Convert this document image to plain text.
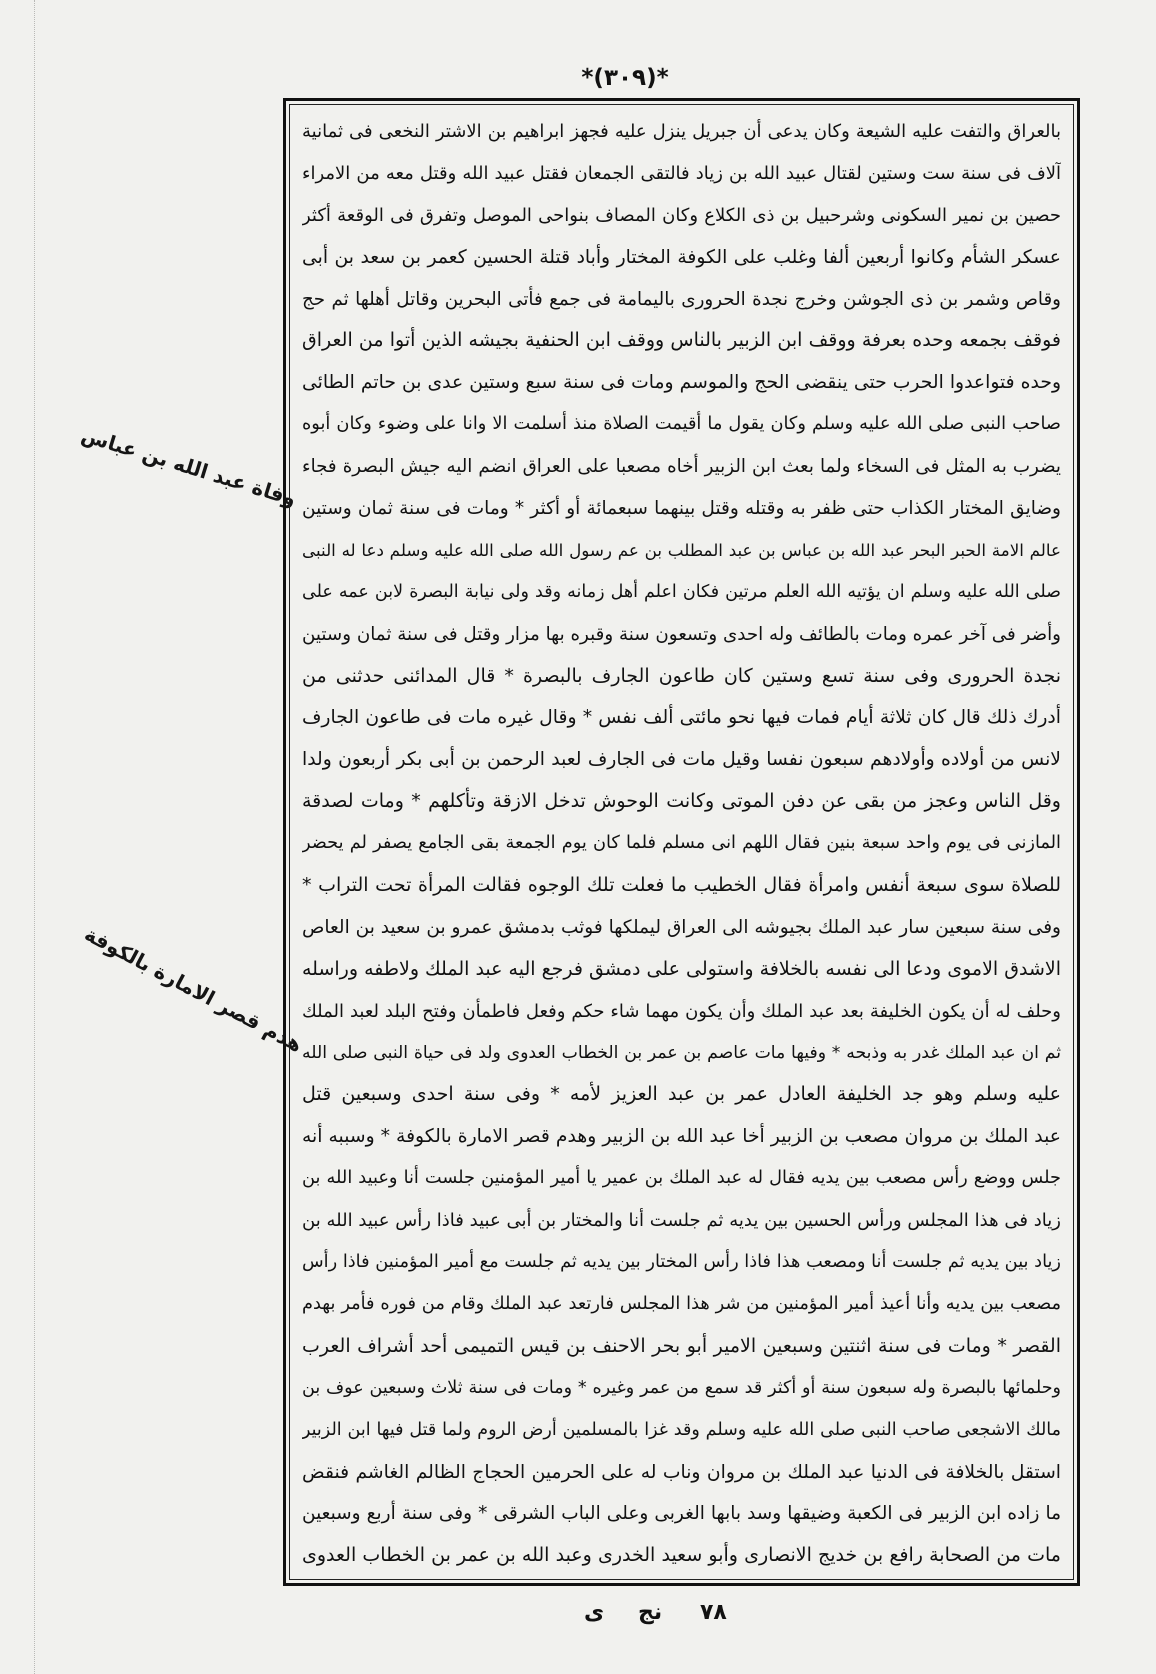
*(٣٠٩)*
وفاة عبد الله بن عباس
هدم قصر الامارة بالكوفة
بالعراق والتفت عليه الشيعة وكان يدعى أن جبريل ينزل عليه فجهز ابراهيم بن الاشتر النخعى فى ثمانية
آلاف فى سنة ست وستين لقتال عبيد الله بن زياد فالتقى الجمعان فقتل عبيد الله وقتل معه من الامراء
حصين بن نمير السكونى وشرحبيل بن ذى الكلاع وكان المصاف بنواحى الموصل وتفرق فى الوقعة أكثر
عسكر الشأم وكانوا أربعين ألفا وغلب على الكوفة المختار وأباد قتلة الحسين كعمر بن سعد بن أبى
وقاص وشمر بن ذى الجوشن وخرج نجدة الحرورى باليمامة فى جمع فأتى البحرين وقاتل أهلها ثم حج
فوقف بجمعه وحده بعرفة ووقف ابن الزبير بالناس ووقف ابن الحنفية بجيشه الذين أتوا من العراق
وحده فتواعدوا الحرب حتى ينقضى الحج والموسم ومات فى سنة سبع وستين عدى بن حاتم الطائى
صاحب النبى صلى الله عليه وسلم وكان يقول ما أقيمت الصلاة منذ أسلمت الا وانا على وضوء وكان أبوه
يضرب به المثل فى السخاء ولما بعث ابن الزبير أخاه مصعبا على العراق انضم اليه جيش البصرة فجاء
وضايق المختار الكذاب حتى ظفر به وقتله وقتل بينهما سبعمائة أو أكثر * ومات فى سنة ثمان وستين
عالم الامة الحبر البحر عبد الله بن عباس بن عبد المطلب بن عم رسول الله صلى الله عليه وسلم دعا له النبى
صلى الله عليه وسلم ان يؤتيه الله العلم مرتين فكان اعلم أهل زمانه وقد ولى نيابة البصرة لابن عمه على
وأضر فى آخر عمره ومات بالطائف وله احدى وتسعون سنة وقبره بها مزار وقتل فى سنة ثمان وستين
نجدة الحرورى وفى سنة تسع وستين كان طاعون الجارف بالبصرة * قال المدائنى حدثنى من
أدرك ذلك قال كان ثلاثة أيام فمات فيها نحو مائتى ألف نفس * وقال غيره مات فى طاعون الجارف
لانس من أولاده وأولادهم سبعون نفسا وقيل مات فى الجارف لعبد الرحمن بن أبى بكر أربعون ولدا
وقل الناس وعجز من بقى عن دفن الموتى وكانت الوحوش تدخل الازقة وتأكلهم * ومات لصدقة
المازنى فى يوم واحد سبعة بنين فقال اللهم انى مسلم فلما كان يوم الجمعة بقى الجامع يصفر لم يحضر
للصلاة سوى سبعة أنفس وامرأة فقال الخطيب ما فعلت تلك الوجوه فقالت المرأة تحت التراب *
وفى سنة سبعين سار عبد الملك بجيوشه الى العراق ليملكها فوثب بدمشق عمرو بن سعيد بن العاص
الاشدق الاموى ودعا الى نفسه بالخلافة واستولى على دمشق فرجع اليه عبد الملك ولاطفه وراسله
وحلف له أن يكون الخليفة بعد عبد الملك وأن يكون مهما شاء حكم وفعل فاطمأن وفتح البلد لعبد الملك
ثم ان عبد الملك غدر به وذبحه * وفيها مات عاصم بن عمر بن الخطاب العدوى ولد فى حياة النبى صلى الله
عليه وسلم وهو جد الخليفة العادل عمر بن عبد العزيز لأمه * وفى سنة احدى وسبعين قتل
عبد الملك بن مروان مصعب بن الزبير أخا عبد الله بن الزبير وهدم قصر الامارة بالكوفة * وسببه أنه
جلس ووضع رأس مصعب بين يديه فقال له عبد الملك بن عمير يا أمير المؤمنين جلست أنا وعبيد الله بن
زياد فى هذا المجلس ورأس الحسين بين يديه ثم جلست أنا والمختار بن أبى عبيد فاذا رأس عبيد الله بن
زياد بين يديه ثم جلست أنا ومصعب هذا فاذا رأس المختار بين يديه ثم جلست مع أمير المؤمنين فاذا رأس
مصعب بين يديه وأنا أعيذ أمير المؤمنين من شر هذا المجلس فارتعد عبد الملك وقام من فوره فأمر بهدم
القصر * ومات فى سنة اثنتين وسبعين الامير أبو بحر الاحنف بن قيس التميمى أحد أشراف العرب
وحلمائها بالبصرة وله سبعون سنة أو أكثر قد سمع من عمر وغيره * ومات فى سنة ثلاث وسبعين عوف بن
مالك الاشجعى صاحب النبى صلى الله عليه وسلم وقد غزا بالمسلمين أرض الروم ولما قتل فيها ابن الزبير
استقل بالخلافة فى الدنيا عبد الملك بن مروان وناب له على الحرمين الحجاج الظالم الغاشم فنقض
ما زاده ابن الزبير فى الكعبة وضيقها وسد بابها الغربى وعلى الباب الشرقى * وفى سنة أربع وسبعين
مات من الصحابة رافع بن خديج الانصارى وأبو سعيد الخدرى وعبد الله بن عمر بن الخطاب العدوى
٧٨
نج
ى
